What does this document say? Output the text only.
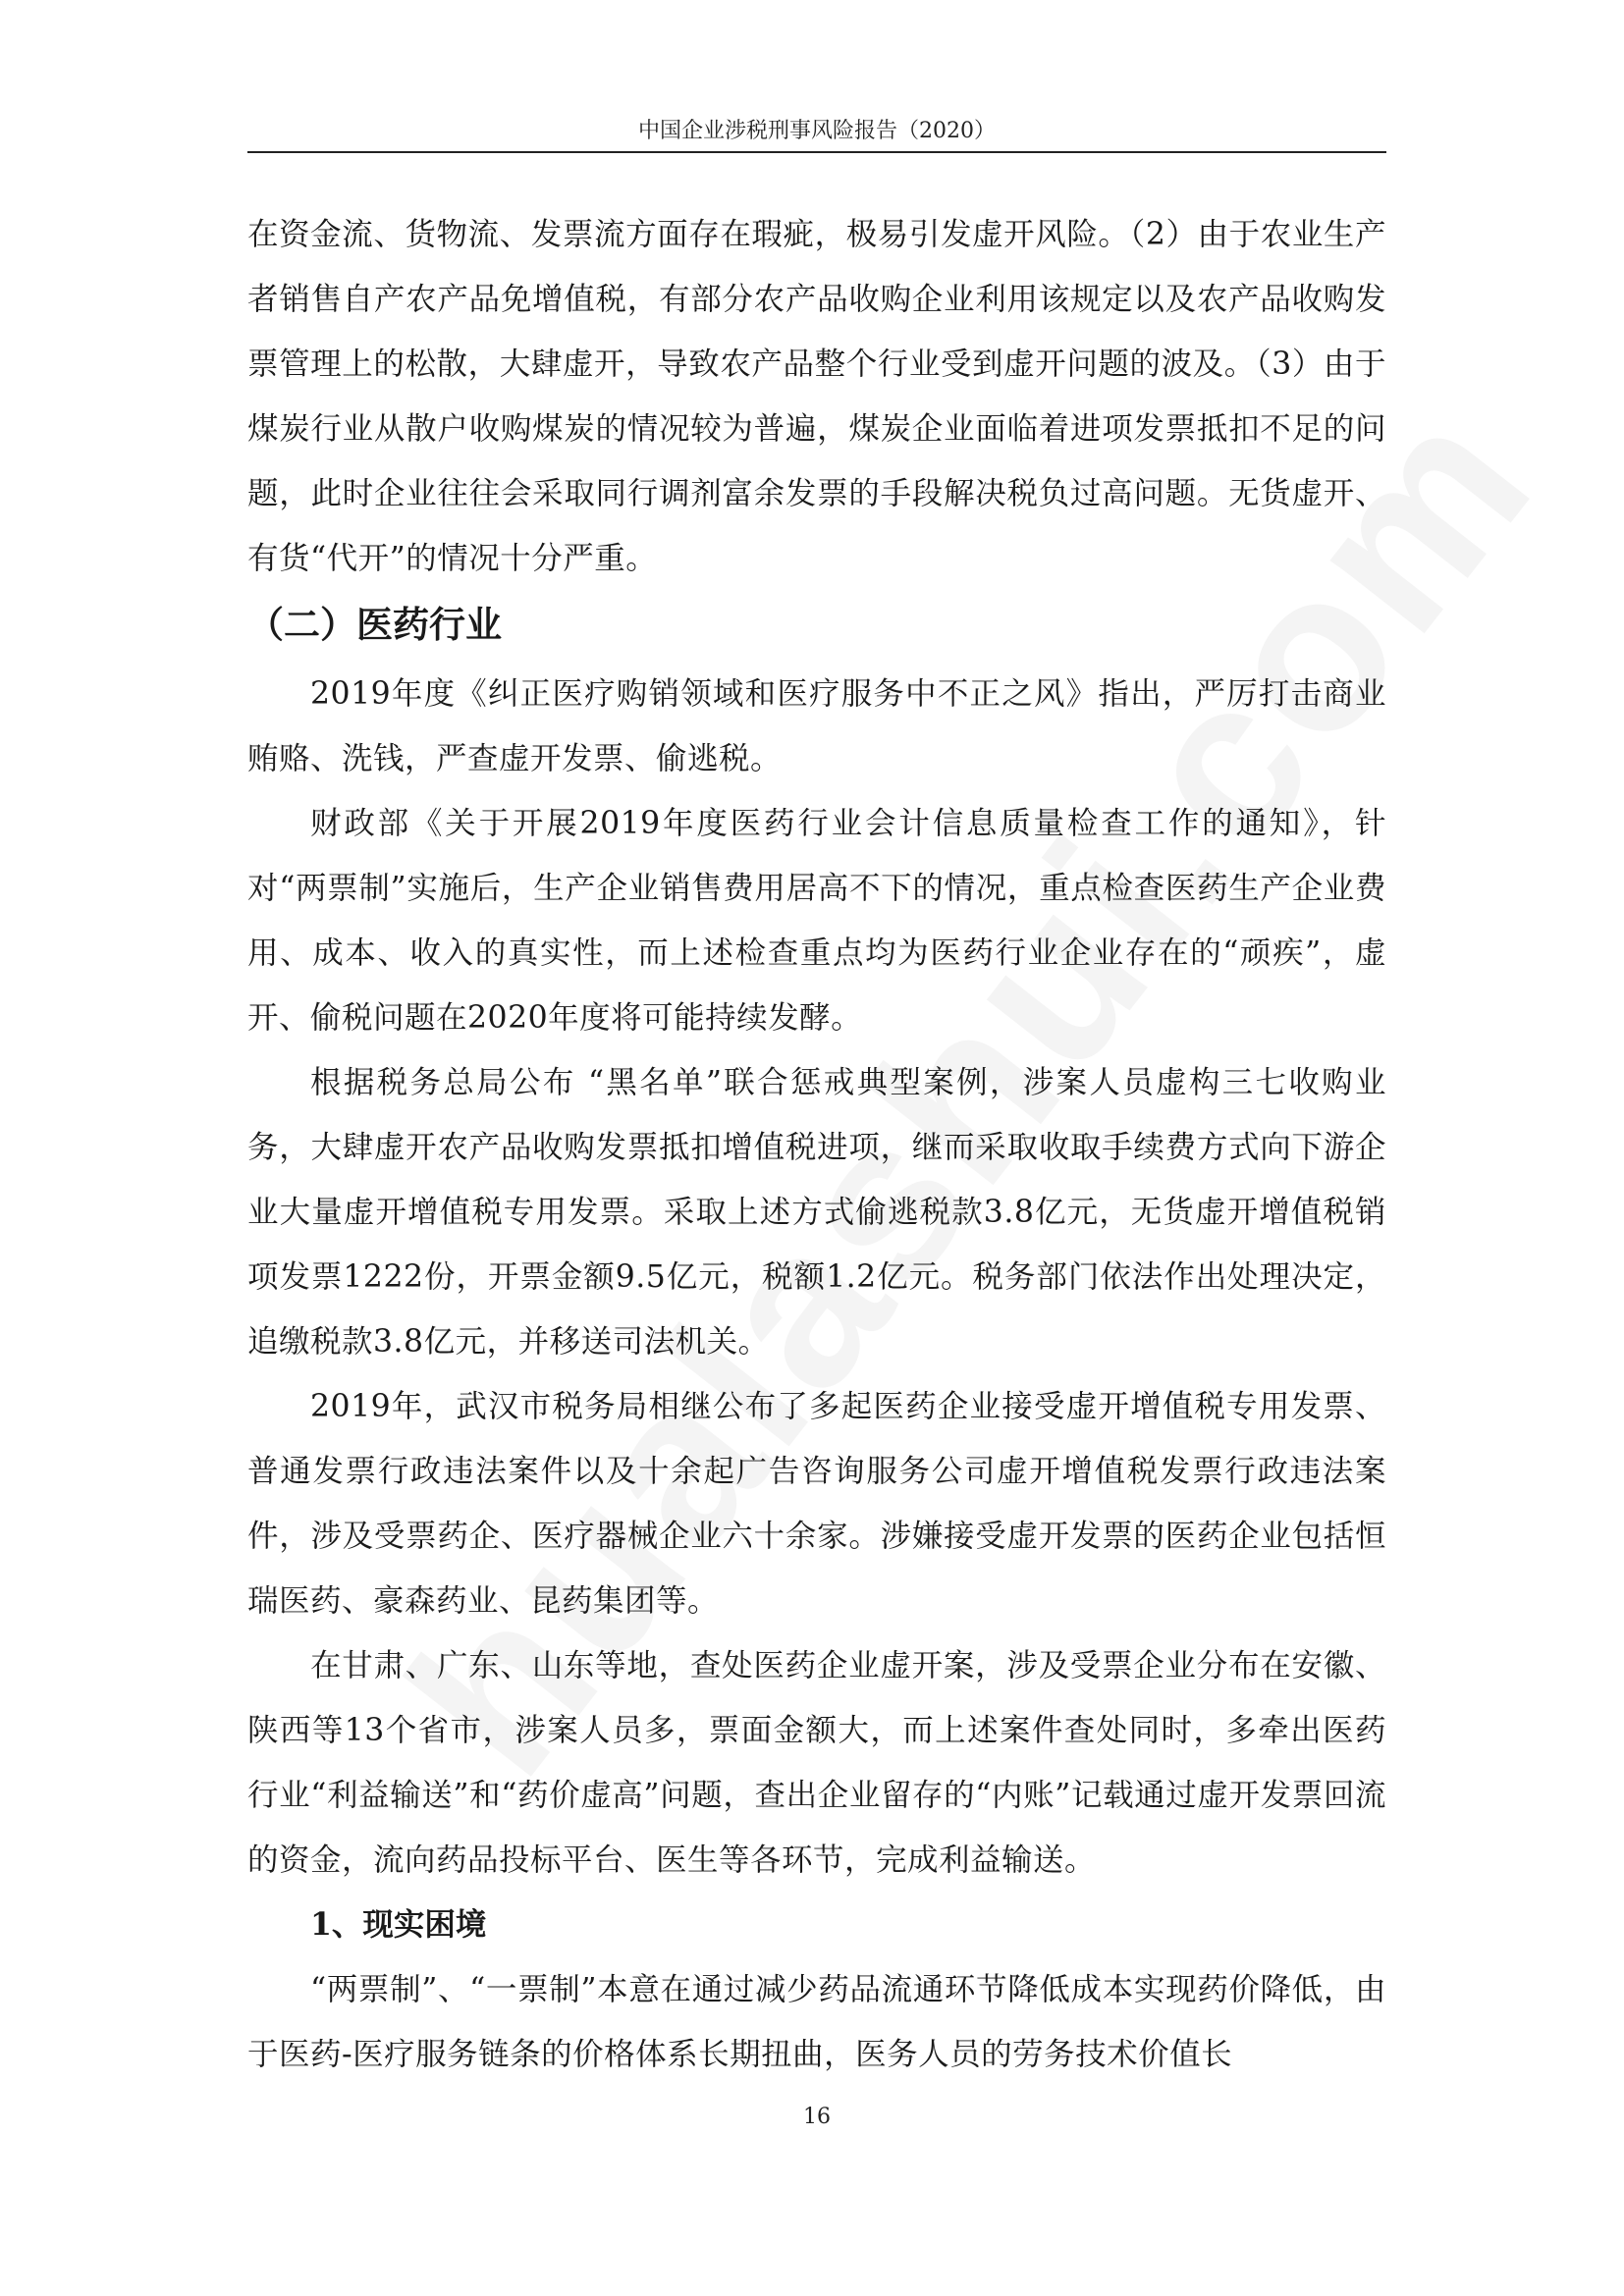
中国企业涉税刑事风险报告（2020）

在资金流、货物流、发票流方面存在瑕疵，极易引发虚开风险。（2）由于农业生产者销售自产农产品免增值税，有部分农产品收购企业利用该规定以及农产品收购发票管理上的松散，大肆虚开，导致农产品整个行业受到虚开问题的波及。（3）由于煤炭行业从散户收购煤炭的情况较为普遍，煤炭企业面临着进项发票抵扣不足的问题，此时企业往往会采取同行调剂富余发票的手段解决税负过高问题。无货虚开、有货“代开”的情况十分严重。

（二）医药行业

2019年度《纠正医疗购销领域和医疗服务中不正之风》指出，严厉打击商业贿赂、洗钱，严查虚开发票、偷逃税。

财政部《关于开展2019年度医药行业会计信息质量检查工作的通知》，针对“两票制”实施后，生产企业销售费用居高不下的情况，重点检查医药生产企业费用、成本、收入的真实性，而上述检查重点均为医药行业企业存在的“顽疾”，虚开、偷税问题在2020年度将可能持续发酵。

根据税务总局公布 “黑名单”联合惩戒典型案例，涉案人员虚构三七收购业务，大肆虚开农产品收购发票抵扣增值税进项，继而采取收取手续费方式向下游企业大量虚开增值税专用发票。采取上述方式偷逃税款3.8亿元，无货虚开增值税销项发票1222份，开票金额9.5亿元，税额1.2亿元。税务部门依法作出处理决定，追缴税款3.8亿元，并移送司法机关。

2019年，武汉市税务局相继公布了多起医药企业接受虚开增值税专用发票、普通发票行政违法案件以及十余起广告咨询服务公司虚开增值税发票行政违法案件，涉及受票药企、医疗器械企业六十余家。涉嫌接受虚开发票的医药企业包括恒瑞医药、豪森药业、昆药集团等。

在甘肃、广东、山东等地，查处医药企业虚开案，涉及受票企业分布在安徽、陕西等13个省市，涉案人员多，票面金额大，而上述案件查处同时，多牵出医药行业“利益输送”和“药价虚高”问题，查出企业留存的“内账”记载通过虚开发票回流的资金，流向药品投标平台、医生等各环节，完成利益输送。

1、现实困境

“两票制”、“一票制”本意在通过减少药品流通环节降低成本实现药价降低，由于医药-医疗服务链条的价格体系长期扭曲，医务人员的劳务技术价值长

16
